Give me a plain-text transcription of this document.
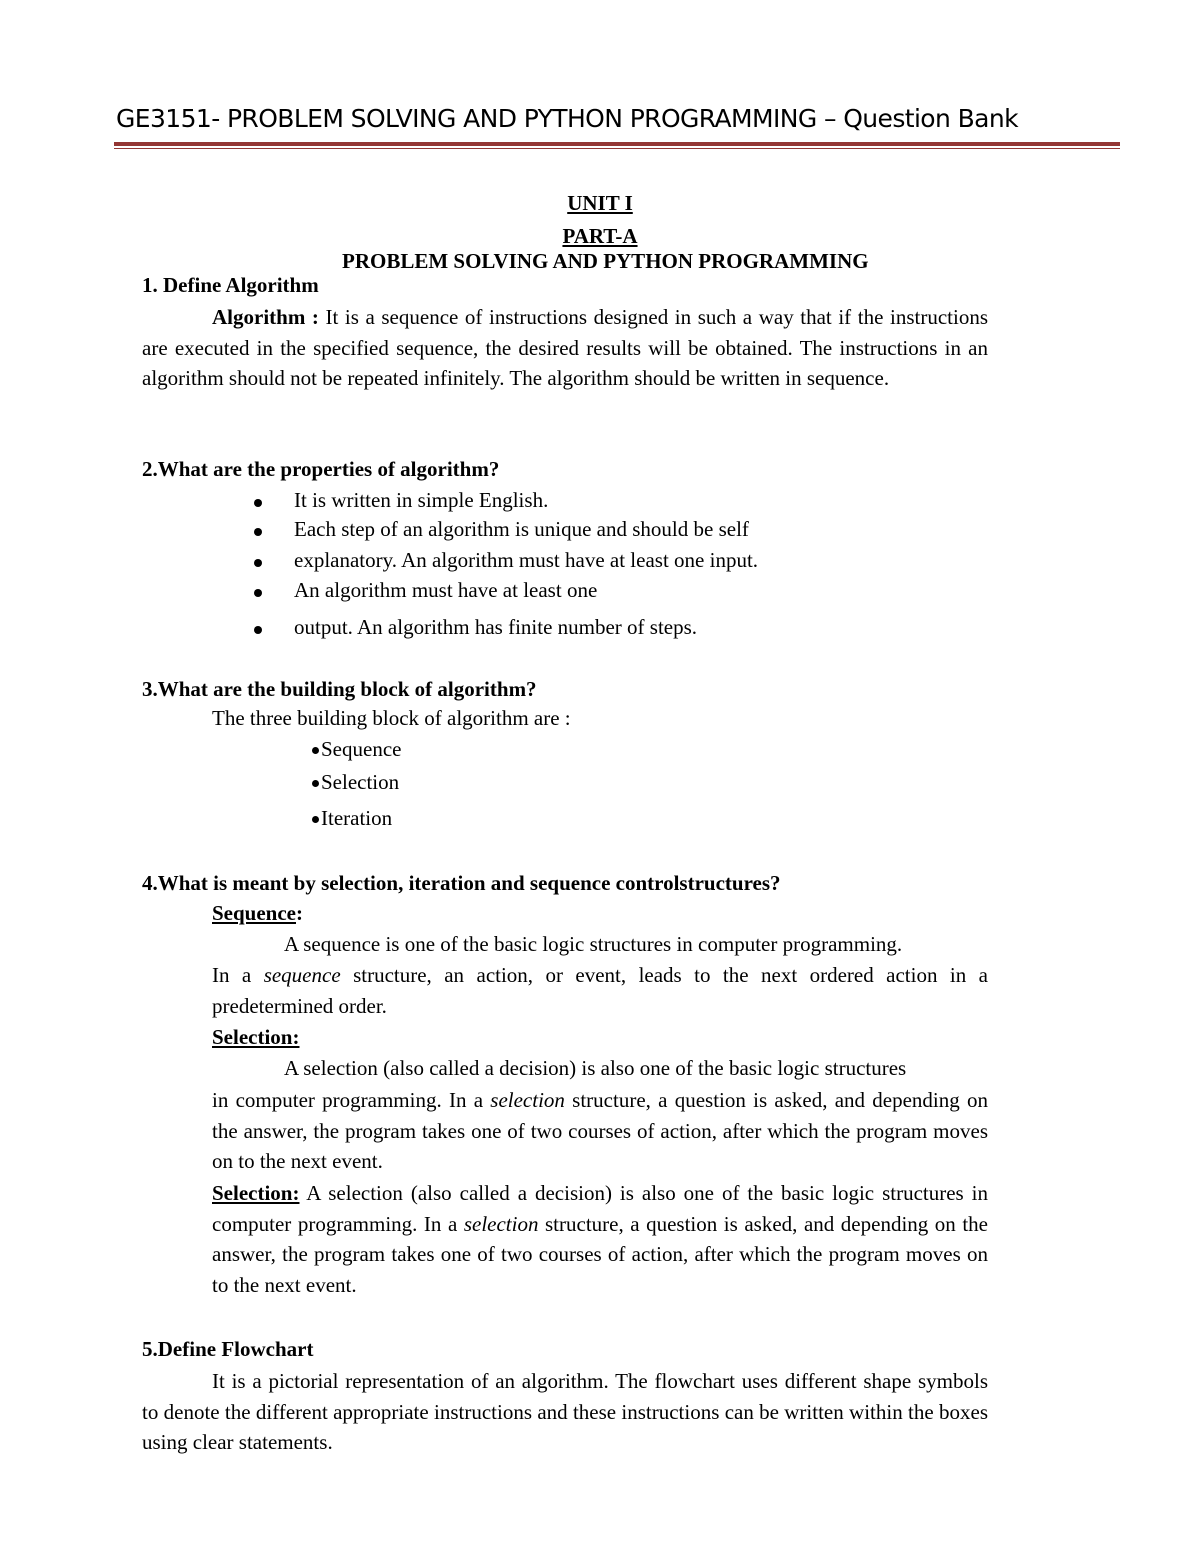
GE3151- PROBLEM SOLVING AND PYTHON PROGRAMMING – Question Bank
UNIT I
PART-A
PROBLEM SOLVING AND PYTHON PROGRAMMING
1. Define Algorithm
Algorithm : It is a sequence of instructions designed in such a way that if the instructions are executed in the specified sequence, the desired results will be obtained. The instructions in an algorithm should not be repeated infinitely. The algorithm should be written in sequence.
2.What are the properties of algorithm?
It is written in simple English.
Each step of an algorithm is unique and should be self
explanatory. An algorithm must have at least one input.
An algorithm must have at least one
output. An algorithm has finite number of steps.
3.What are the building block of algorithm?
The three building block of algorithm are :
Sequence
Selection
Iteration
4.What is meant by selection, iteration and sequence controlstructures?
Sequence:
A sequence is one of the basic logic structures in computer programming.
In a sequence structure, an action, or event, leads to the next ordered action in a predetermined order.
Selection:
A selection (also called a decision) is also one of the basic logic structures
in computer programming. In a selection structure, a question is asked, and depending on the answer, the program takes one of two courses of action, after which the program moves on to the next event.
Selection: A selection (also called a decision) is also one of the basic logic structures in computer programming. In a selection structure, a question is asked, and depending on the answer, the program takes one of two courses of action, after which the program moves on to the next event.
5.Define Flowchart
It is a pictorial representation of an algorithm. The flowchart uses different shape symbols to denote the different appropriate instructions and these instructions can be written within the boxes using clear statements.
